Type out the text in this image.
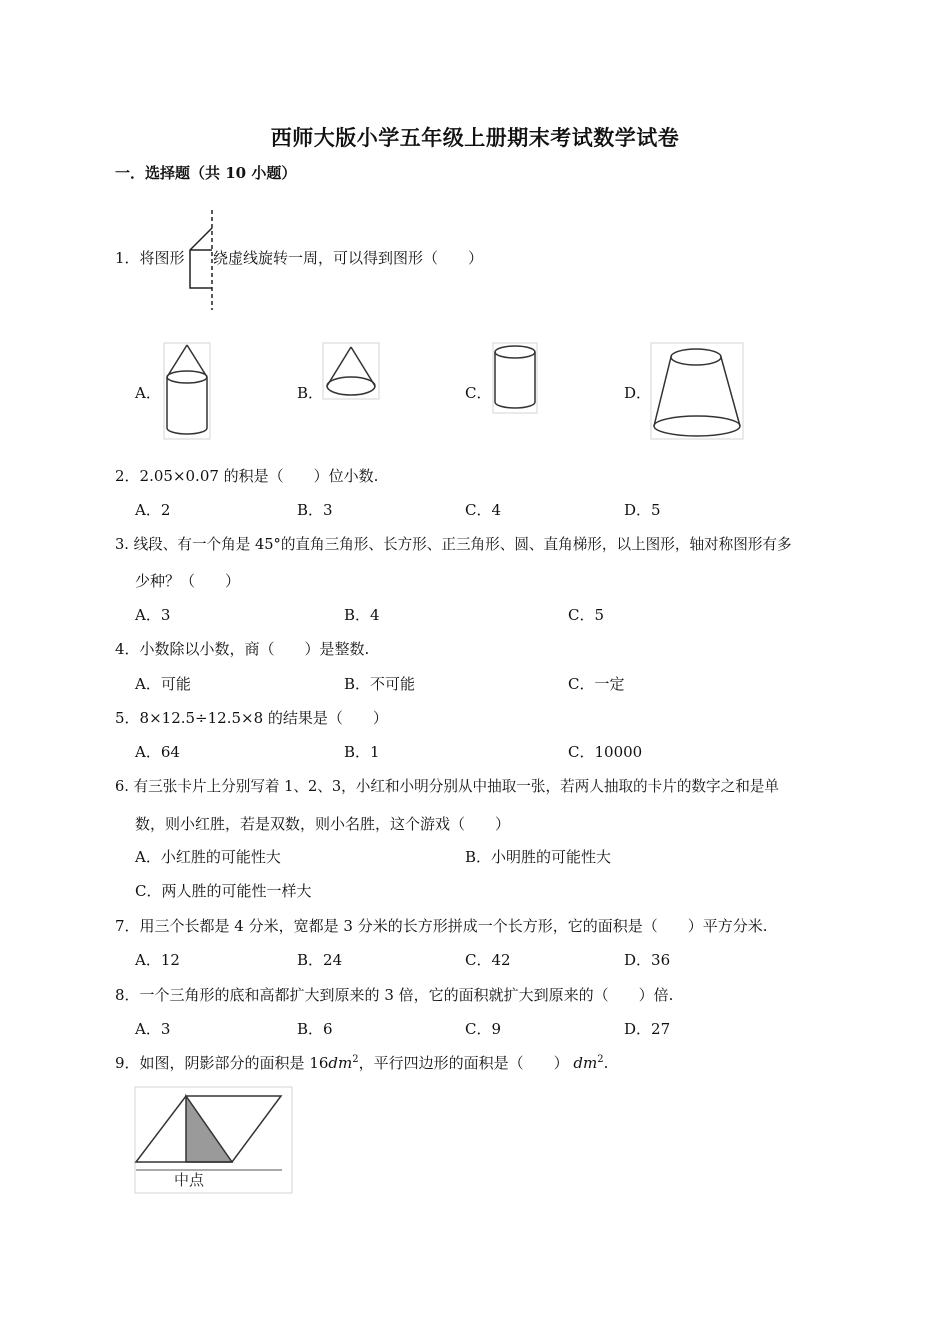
西师大版小学五年级上册期末考试数学试卷
一．选择题（共 10 小题）
1．将图形 绕虚线旋转一周，可以得到图形（　　）
A．	B．	C．	D．
2．2.05×0.07 的积是（　　）位小数.
A．2	B．3	C．4	D．5
3. 线段、有一个角是 45°的直角三角形、长方形、正三角形、圆、直角梯形，以上图形，轴对称图形有多
少种？（　　）
A．3	B．4	C．5
4．小数除以小数，商（　　）是整数.
A．可能	B．不可能	C．一定
5．8×12.5÷12.5×8 的结果是（　　）
A．64	B．1	C．10000
6. 有三张卡片上分别写着 1、2、3，小红和小明分别从中抽取一张，若两人抽取的卡片的数字之和是单
数，则小红胜，若是双数，则小名胜，这个游戏（　　）
A．小红胜的可能性大	B．小明胜的可能性大
C．两人胜的可能性一样大
7．用三个长都是 4 分米，宽都是 3 分米的长方形拼成一个长方形，它的面积是（　　）平方分米.
A．12	B．24	C．42	D．36
8．一个三角形的底和高都扩大到原来的 3 倍，它的面积就扩大到原来的（　　）倍.
A．3	B．6	C．9	D．27
9．如图，阴影部分的面积是 $16dm^2$，平行四边形的面积是（　　） $dm^2$.
中点
